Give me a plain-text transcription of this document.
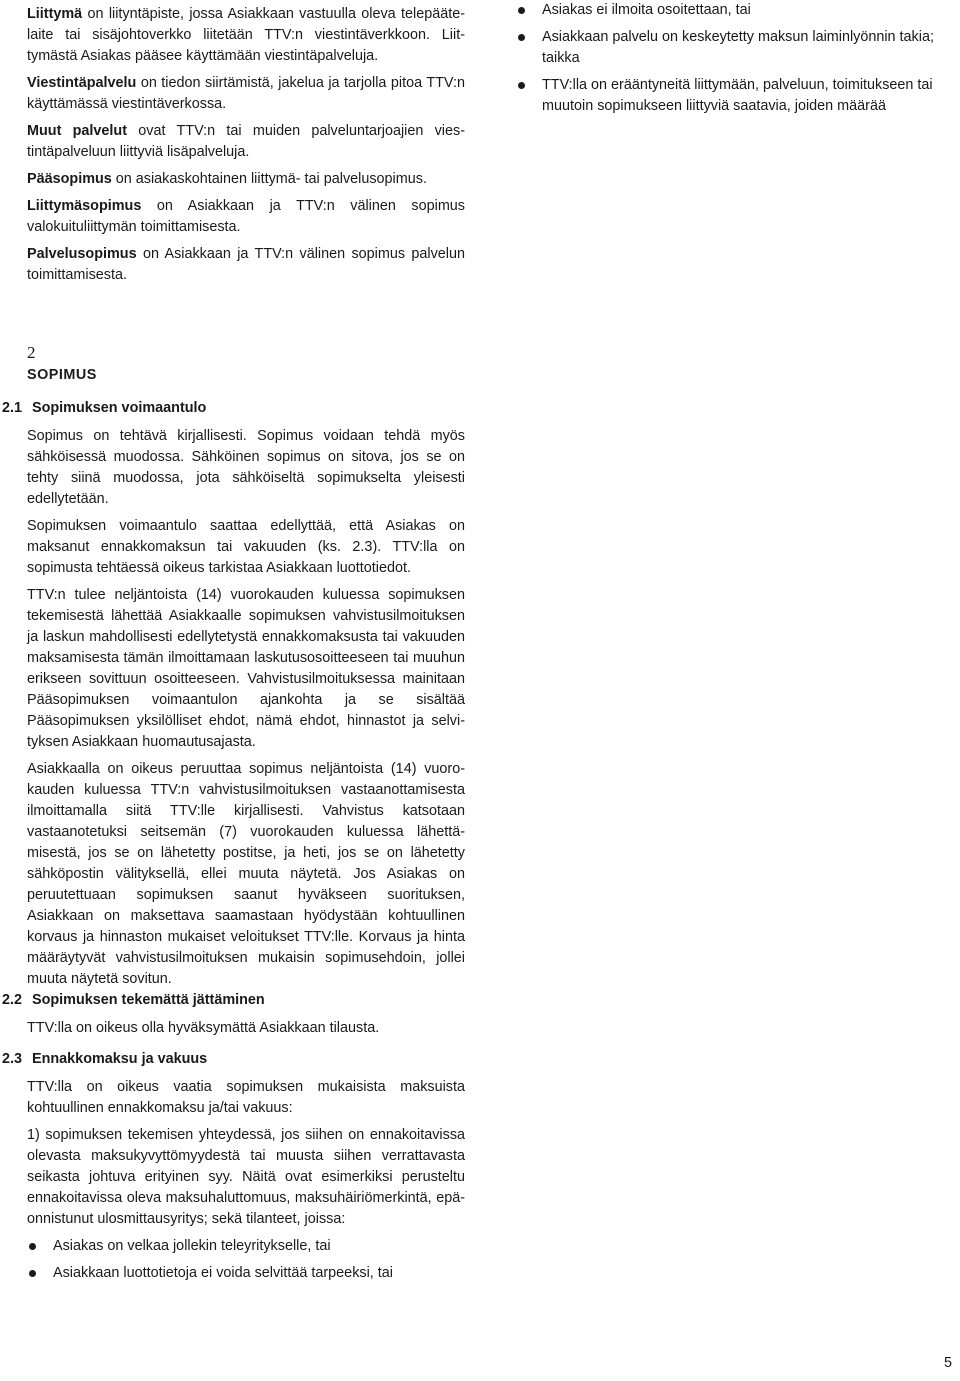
Liittymä on liityntäpiste, jossa Asiakkaan vastuulla oleva telepääte- laite tai sisäjohtoverkko liitetään TTV:n viestintäverkkoon. Liit- tymästä Asiakas pääsee käyttämään viestintäpalveluja.

Viestintäpalvelu on tiedon siirtämistä, jakelua ja tarjolla pitoa TTV:n käyttämässä viestintäverkossa.

Muut palvelut ovat TTV:n tai muiden palveluntarjoajien vies- tintäpalveluun liittyviä lisäpalveluja.

Pääsopimus on asiakaskohtainen liittymä- tai palvelusopimus.

Liittymäsopimus on Asiakkaan ja TTV:n välinen sopimus valokuituliittymän toimittamisesta.

Palvelusopimus on Asiakkaan ja TTV:n välinen sopimus palvelun toimittamisesta.

2
SOPIMUS
2.1 Sopimuksen voimaantulo

Sopimus on tehtävä kirjallisesti. Sopimus voidaan tehdä myös sähköisessä muodossa. Sähköinen sopimus on sitova, jos se on tehty siinä muodossa, jota sähköiseltä sopimukselta yleisesti edellytetään.

Sopimuksen voimaantulo saattaa edellyttää, että Asiakas on maksanut ennakkomaksun tai vakuuden (ks. 2.3). TTV:lla on sopimusta tehtäessä oikeus tarkistaa Asiakkaan luottotiedot.

TTV:n tulee neljäntoista (14) vuorokauden kuluessa sopimuksen tekemisestä lähettää Asiakkaalle sopimuksen vahvistusilmoituksen ja laskun mahdollisesti edellytetystä ennakkomaksusta tai vakuuden maksamisesta tämän ilmoittamaan laskutusosoitteeseen tai muuhun erikseen sovittuun osoitteeseen. Vahvistusilmoituksessa mainitaan Pääsopimuksen voimaantulon ajankohta ja se sisältää Pääsopimuksen yksilölliset ehdot, nämä ehdot, hinnastot ja selvi- tyksen Asiakkaan huomautusajasta.

Asiakkaalla on oikeus peruuttaa sopimus neljäntoista (14) vuoro- kauden kuluessa TTV:n vahvistusilmoituksen vastaanottamisesta ilmoittamalla siitä TTV:lle kirjallisesti. Vahvistus katsotaan vastaanotetuksi seitsemän (7) vuorokauden kuluessa lähettä- misestä, jos se on lähetetty postitse, ja heti, jos se on lähetetty sähköpostin välityksellä, ellei muuta näytetä. Jos Asiakas on peruutettuaan sopimuksen saanut hyväkseen suorituksen, Asiakkaan on maksettava saamastaan hyödystään kohtuullinen korvaus ja hinnaston mukaiset veloitukset TTV:lle. Korvaus ja hinta määräytyvät vahvistusilmoituksen mukaisin sopimusehdoin, jollei muuta näytetä sovitun.

2.2 Sopimuksen tekemättä jättäminen

TTV:lla on oikeus olla hyväksymättä Asiakkaan tilausta.

2.3 Ennakkomaksu ja vakuus

TTV:lla on oikeus vaatia sopimuksen mukaisista maksuista kohtuullinen ennakkomaksu ja/tai vakuus:

1) sopimuksen tekemisen yhteydessä, jos siihen on ennakoitavissa olevasta maksukyvyttömyydestä tai muusta siihen verrattavasta seikasta johtuva erityinen syy. Näitä ovat esimerkiksi perusteltu ennakoitavissa oleva maksuhaluttomuus, maksuhäiriömerkintä, epä- onnistunut ulosmittausyritys; sekä tilanteet, joissa:

Asiakas on velkaa jollekin teleyritykselle, tai
Asiakkaan luottotietoja ei voida selvittää tarpeeksi, tai
Asiakas ei ilmoita osoitettaan, tai
Asiakkaan palvelu on keskeytetty maksun laiminlyönnin takia; taikka
TTV:lla on erääntyneitä liittymään, palveluun, toimitukseen tai muutoin sopimukseen liittyviä saatavia, joiden määrää
5
